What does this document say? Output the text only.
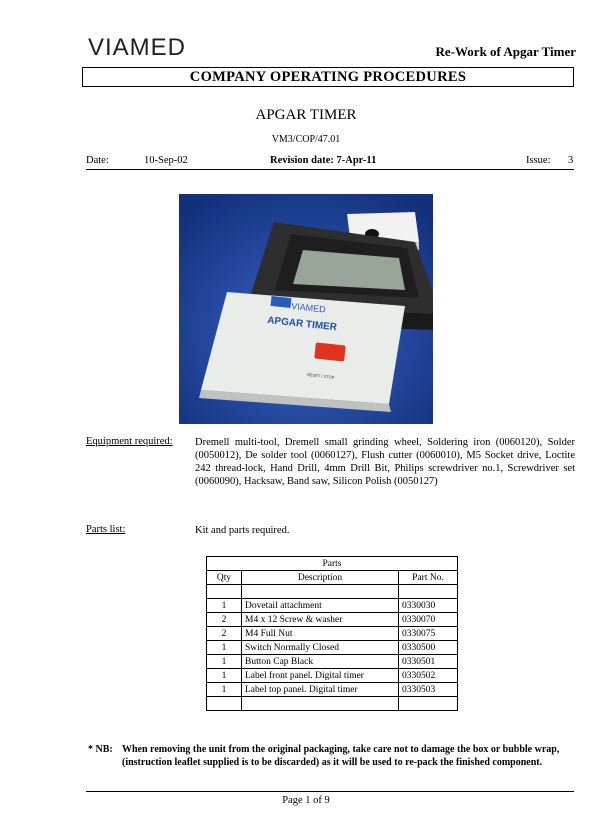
VIAMED	Re-Work of Apgar Timer
COMPANY OPERATING PROCEDURES
APGAR TIMER
VM3/COP/47.01
Date:	10-Sep-02	Revision date: 7-Apr-11	Issue: 3
VIAMED
APGAR TIMER
RESET / STOP
Equipment required: Dremell multi-tool, Dremell small grinding wheel, Soldering iron (0060120), Solder (0050012), De solder tool (0060127), Flush cutter (0060010), M5 Socket drive, Loctite 242 thread-lock, Hand Drill, 4mm Drill Bit, Philips screwdriver no.1, Screwdriver set (0060090), Hacksaw, Band saw, Silicon Polish (0050127)
Parts list:	Kit and parts required.
Parts		
Qty	Description	Part No.

1	Dovetail attachment	0330030
2	M4 x 12 Screw & washer	0330070
2	M4 Full Nut	0330075
1	Switch Normally Closed	0330500
1	Button Cap Black	0330501
1	Label front panel. Digital timer	0330502
1	Label top panel. Digital timer	0330503

* NB: When removing the unit from the original packaging, take care not to damage the box or bubble wrap, (instruction leaflet supplied is to be discarded) as it will be used to re-pack the finished component.
Page 1 of 9
